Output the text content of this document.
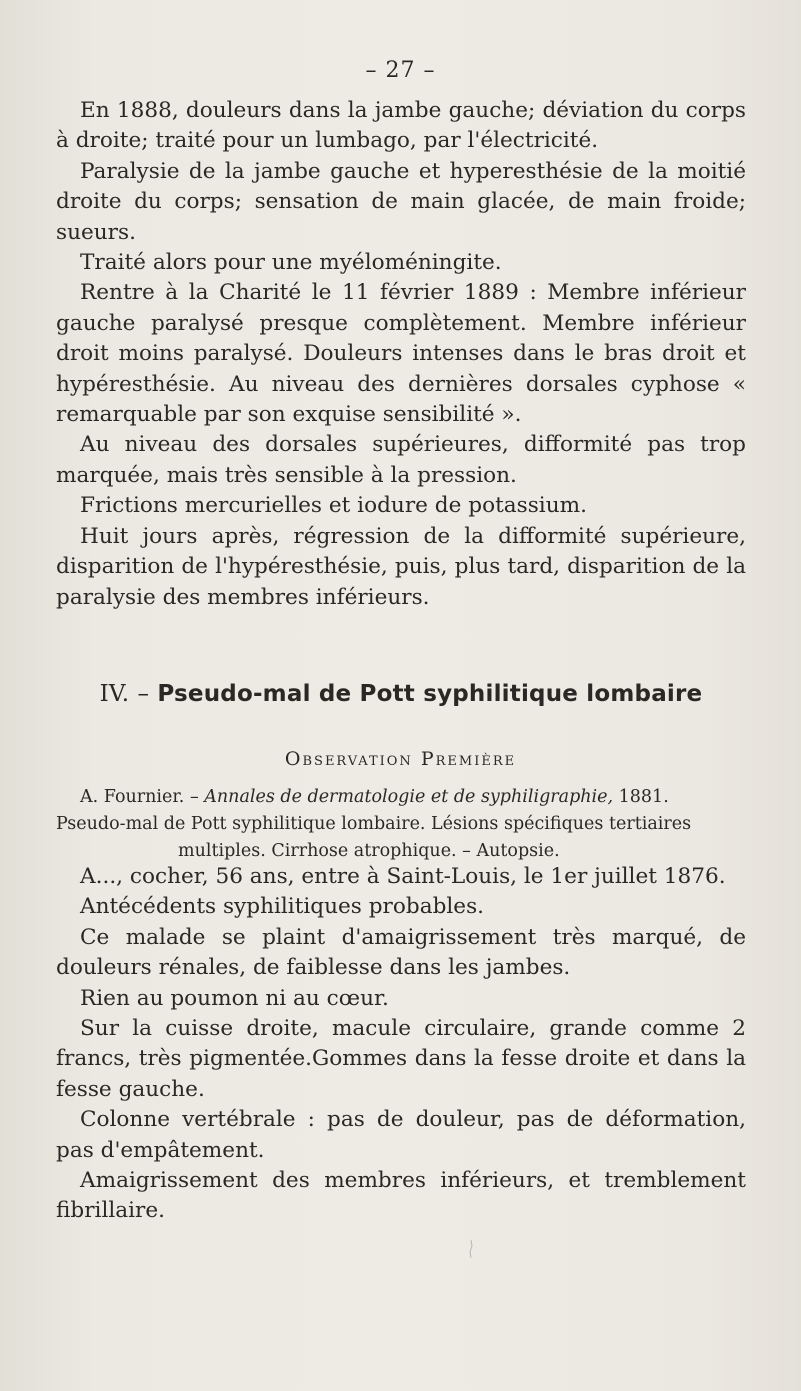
– 27 –

En 1888, douleurs dans la jambe gauche; déviation du corps à droite; traité pour un lumbago, par l'électricité.

Paralysie de la jambe gauche et hyperesthésie de la moitié droite du corps; sensation de main glacée, de main froide; sueurs.

Traité alors pour une myéloméningite.

Rentre à la Charité le 11 février 1889 : Membre inférieur gauche paralysé presque complètement. Membre inférieur droit moins paralysé. Douleurs intenses dans le bras droit et hypéresthésie. Au niveau des dernières dorsales cyphose « remarquable par son exquise sensibilité ».

Au niveau des dorsales supérieures, difformité pas trop marquée, mais très sensible à la pression.

Frictions mercurielles et iodure de potassium.

Huit jours après, régression de la difformité supérieure, disparition de l'hypéresthésie, puis, plus tard, disparition de la paralysie des membres inférieurs.

IV. – Pseudo-mal de Pott syphilitique lombaire
Observation Première
A. Fournier. – Annales de dermatologie et de syphiligraphie, 1881.
Pseudo-mal de Pott syphilitique lombaire. Lésions spécifiques tertiaires
multiples. Cirrhose atrophique. – Autopsie.

A..., cocher, 56 ans, entre à Saint-Louis, le 1er juillet 1876.

Antécédents syphilitiques probables.

Ce malade se plaint d'amaigrissement très marqué, de douleurs rénales, de faiblesse dans les jambes.

Rien au poumon ni au cœur.

Sur la cuisse droite, macule circulaire, grande comme 2 francs, très pigmentée.Gommes dans la fesse droite et dans la fesse gauche.

Colonne vertébrale : pas de douleur, pas de déformation, pas d'empâtement.

Amaigrissement des membres inférieurs, et tremblement fibrillaire.
